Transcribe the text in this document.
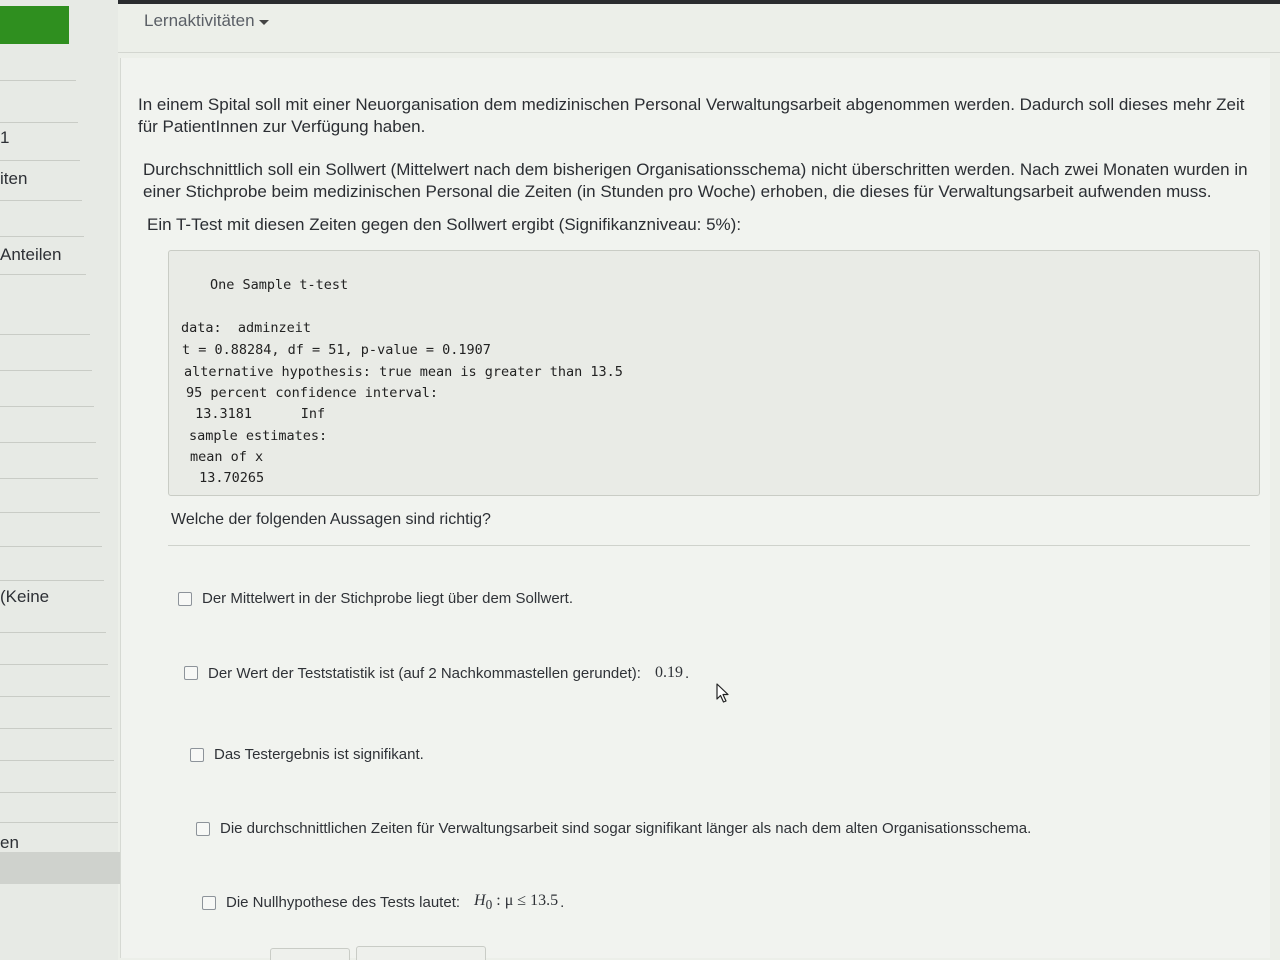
1
iten
Anteilen
(Keine
en
Lernaktivitäten
In einem Spital soll mit einer Neuorganisation dem medizinischen Personal Verwaltungsarbeit abgenommen werden. Dadurch soll dieses mehr Zeit für PatientInnen zur Verfügung haben.
Durchschnittlich soll ein Sollwert (Mittelwert nach dem bisherigen Organisationsschema) nicht überschritten werden. Nach zwei Monaten wurden in einer Stichprobe beim medizinischen Personal die Zeiten (in Stunden pro Woche) erhoben, die dieses für Verwaltungsarbeit aufwenden muss.
Ein T-Test mit diesen Zeiten gegen den Sollwert ergibt (Signifikanzniveau: 5%):
One Sample t-test
data:  adminzeit
t = 0.88284, df = 51, p-value = 0.1907
alternative hypothesis: true mean is greater than 13.5
95 percent confidence interval:
13.3181      Inf
sample estimates:
mean of x
13.70265
Welche der folgenden Aussagen sind richtig?
Der Mittelwert in der Stichprobe liegt über dem Sollwert.
Der Wert der Teststatistik ist (auf 2 Nachkommastellen gerundet): 0.19 .
Das Testergebnis ist signifikant.
Die durchschnittlichen Zeiten für Verwaltungsarbeit sind sogar signifikant länger als nach dem alten Organisationsschema.
Die Nullhypothese des Tests lautet: $H_0$ : μ ≤ 13.5 .
